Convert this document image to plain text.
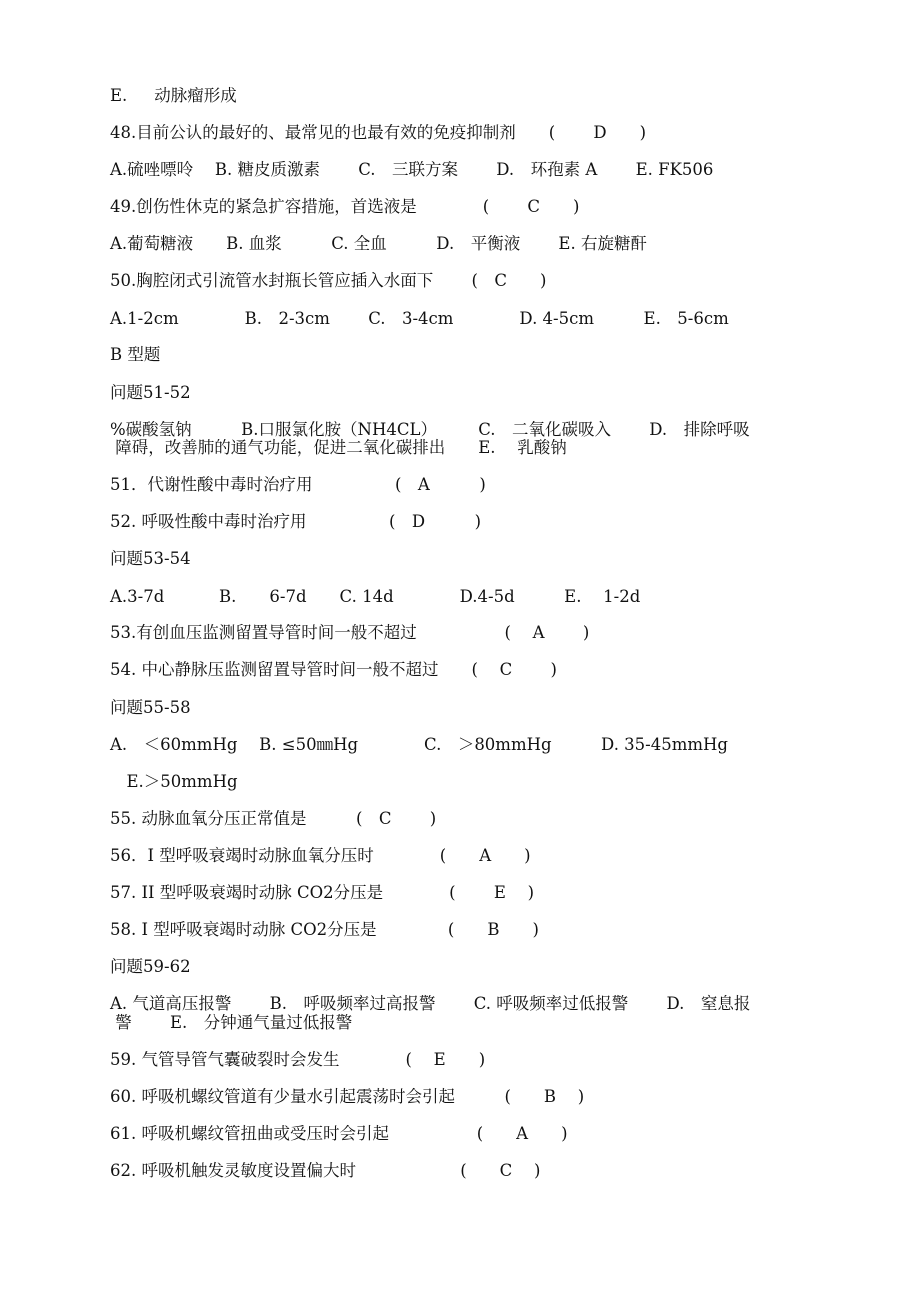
E.　  动脉瘤形成
48.目前公认的最好的、最常见的也最有效的免疫抑制剂　　(　　 D　　)
A.硫唑嘌呤　 B. 糖皮质激素　　 C.　三联方案　　 D.　环孢素 A　　 E. FK506
49.创伤性休克的紧急扩容措施，首选液是　　　　(　　 C　　)
A.葡萄糖液　　B. 血浆　　　C. 全血　　　D.　平衡液　　 E. 右旋糖酐
50.胸腔闭式引流管水封瓶长管应插入水面下　　 (　C　　)
A.1-2cm　　　　B.　2-3cm　　 C.　3-4cm　　　　D. 4-5cm　　　E.　5-6cm
B 型题
问题51-52
%碳酸氢钠　　　B.口服氯化胺（NH4CL）　　　C.　二氧化碳吸入　　 D.　排除呼吸
障碍，改善肺的通气功能，促进二氧化碳排出　　E.　 乳酸钠
51．代谢性酸中毒时治疗用　　　　　(　A　　　)
52. 呼吸性酸中毒时治疗用　　　　　(　D　　　)
问题53-54
A.3-7d　　　 B.　　6-7d　　C. 14d　　　　D.4-5d　　　E.　 1-2d
53.有创血压监测留置导管时间一般不超过　　　　　 (　 A　　 )
54. 中心静脉压监测留置导管时间一般不超过　　(　 C　　 )
问题55-58
A.　＜60mmHg　 B. ≤50㎜Hg　　　　C.　＞80mmHg　　　D. 35-45mmHg
　E.＞50mmHg
55. 动脉血氧分压正常值是　　　(　C　　 )
56．I 型呼吸衰竭时动脉血氧分压时　　　　(　　A　　)
57. II 型呼吸衰竭时动脉 CO2分压是　　　　(　　 E　 )
58. I 型呼吸衰竭时动脉 CO2分压是　　　　 (　　B　　)
问题59-62
A. 气道高压报警　　 B.　呼吸频率过高报警　　 C. 呼吸频率过低报警　　 D.　窒息报
警　　 E.　分钟通气量过低报警
59. 气管导管气囊破裂时会发生　　　　(　 E　　)
60. 呼吸机螺纹管道有少量水引起震荡时会引起　　　(　　B　 )
61. 呼吸机螺纹管扭曲或受压时会引起　　　　　 (　　A　　)
62. 呼吸机触发灵敏度设置偏大时　　　　　　 (　　C　 )
